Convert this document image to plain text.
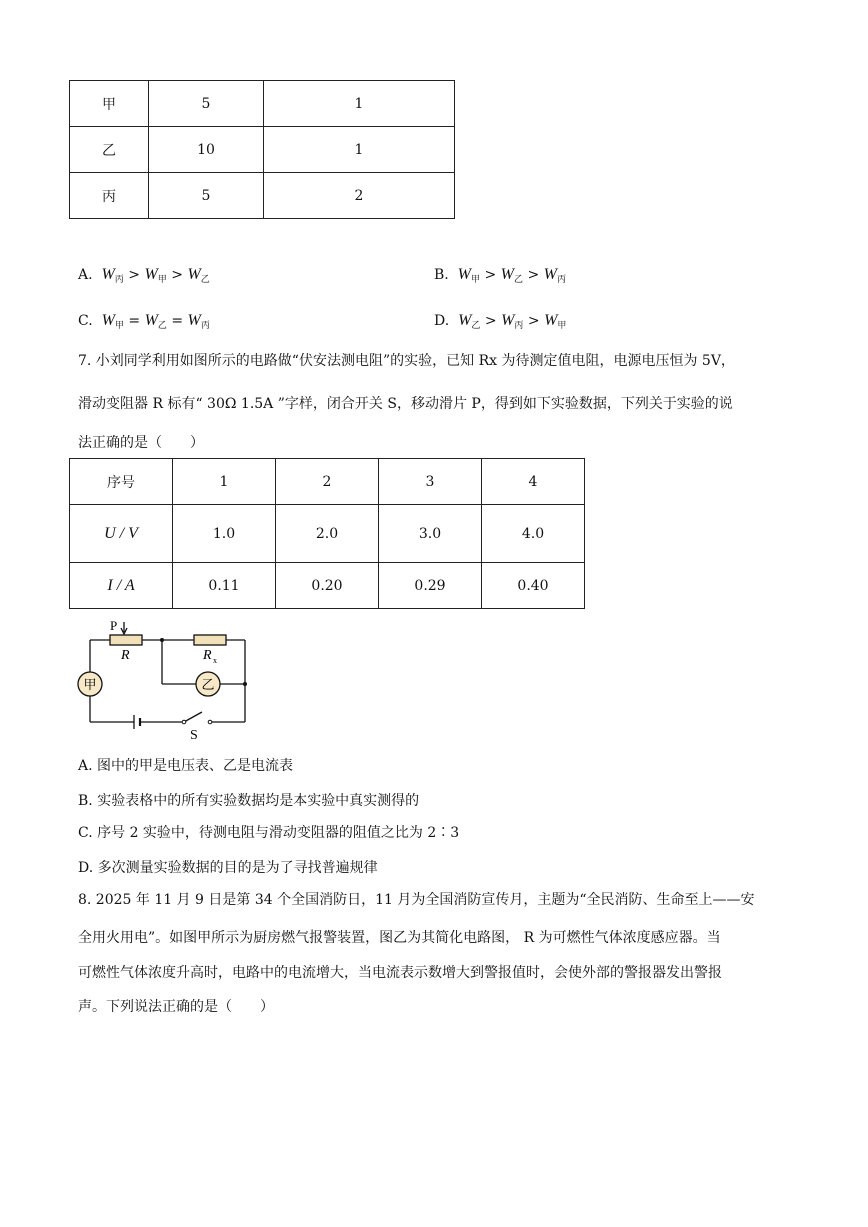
甲	5	1
乙	10	1
丙	5	2
A. $W_丙 > W_甲 > W_乙$	B. $W_甲 > W_乙 > W_丙$
C. $W_甲 = W_乙 = W_丙$	D. $W_乙 > W_丙 > W_甲$
7. 小刘同学利用如图所示的电路做“伏安法测电阻”的实验，已知 Rx 为待测定值电阻，电源电压恒为 5V，
滑动变阻器 R 标有“ 30Ω 1.5A ”字样，闭合开关 S，移动滑片 P，得到如下实验数据，下列关于实验的说
法正确的是（　　）
序号	1	2	3	4
U / V	1.0	2.0	3.0	4.0
I / A	0.11	0.20	0.29	0.40
甲	乙
P
R	R x
S
A. 图中的甲是电压表、乙是电流表
B. 实验表格中的所有实验数据均是本实验中真实测得的
C. 序号 2 实验中，待测电阻与滑动变阻器的阻值之比为 2∶3
D. 多次测量实验数据的目的是为了寻找普遍规律
8. 2025 年 11 月 9 日是第 34 个全国消防日，11 月为全国消防宣传月，主题为“全民消防、生命至上——安
全用火用电”。如图甲所示为厨房燃气报警装置，图乙为其简化电路图， R 为可燃性气体浓度感应器。当
可燃性气体浓度升高时，电路中的电流增大，当电流表示数增大到警报值时，会使外部的警报器发出警报
声。下列说法正确的是（　　）
